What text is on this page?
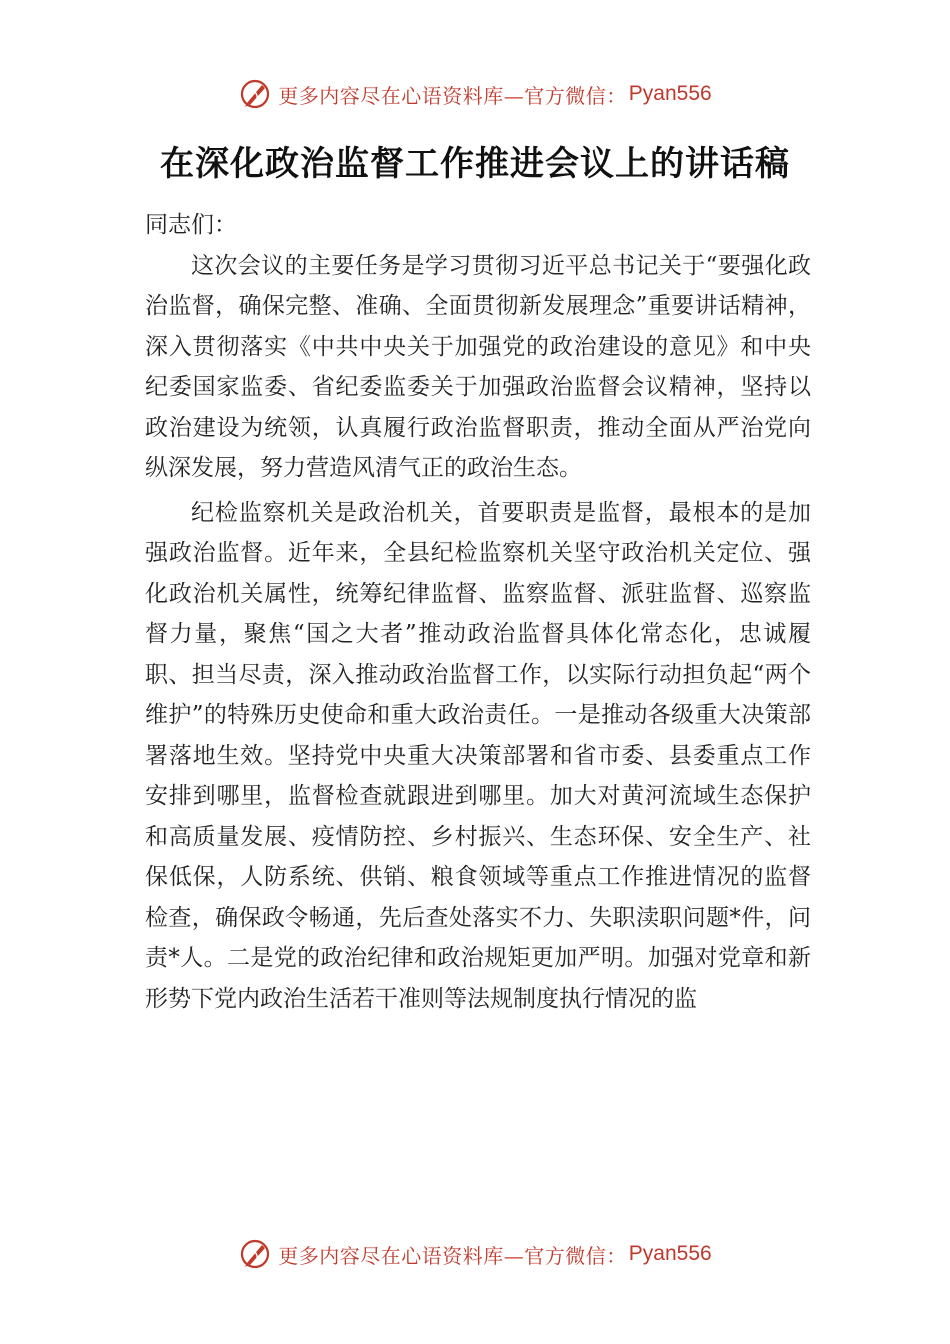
更多内容尽在心语资料库—官方微信： Pyan556
在深化政治监督工作推进会议上的讲话稿

同志们：

这次会议的主要任务是学习贯彻习近平总书记关于“要强化政治监督，确保完整、准确、全面贯彻新发展理念”重要讲话精神，深入贯彻落实《中共中央关于加强党的政治建设的意见》和中央纪委国家监委、省纪委监委关于加强政治监督会议精神，坚持以政治建设为统领，认真履行政治监督职责，推动全面从严治党向纵深发展，努力营造风清气正的政治生态。

纪检监察机关是政治机关，首要职责是监督，最根本的是加强政治监督。近年来，全县纪检监察机关坚守政治机关定位、强化政治机关属性，统筹纪律监督、监察监督、派驻监督、巡察监督力量，聚焦“国之大者”推动政治监督具体化常态化，忠诚履职、担当尽责，深入推动政治监督工作，以实际行动担负起“两个维护”的特殊历史使命和重大政治责任。一是推动各级重大决策部署落地生效。坚持党中央重大决策部署和省市委、县委重点工作安排到哪里，监督检查就跟进到哪里。加大对黄河流域生态保护和高质量发展、疫情防控、乡村振兴、生态环保、安全生产、社保低保，人防系统、供销、粮食领域等重点工作推进情况的监督检查，确保政令畅通，先后查处落实不力、失职渎职问题*件，问责*人。二是党的政治纪律和政治规矩更加严明。加强对党章和新形势下党内政治生活若干准则等法规制度执行情况的监

更多内容尽在心语资料库—官方微信： Pyan556
